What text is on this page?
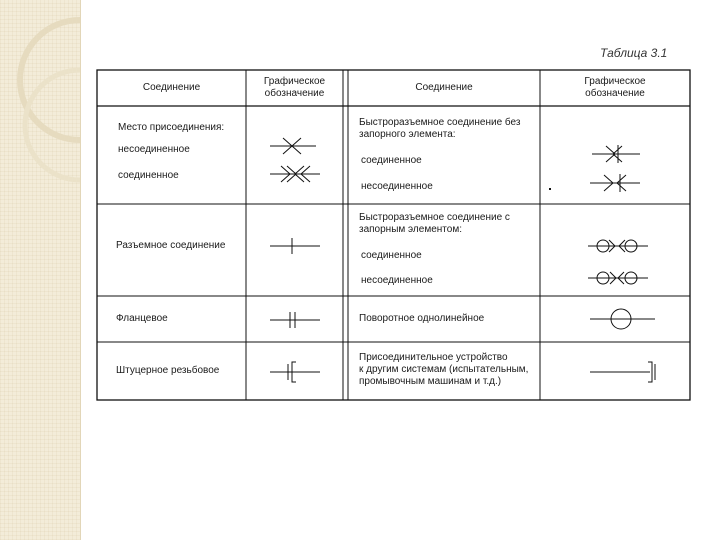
Таблица 3.1
Соединение
Графическое
обозначение
Соединение
Графическое
обозначение
Место присоединения:
несоединенное
соединенное
Быстроразъемное соединение без
запорного элемента:
соединенное
несоединенное
Разъемное соединение
Быстроразъемное соединение с
запорным элементом:
соединенное
несоединенное
Фланцевое	Поворотное однолинейное
Штуцерное резьбовое
Присоединительное устройство
к другим системам (испытательным,
промывочным машинам и т.д.)
